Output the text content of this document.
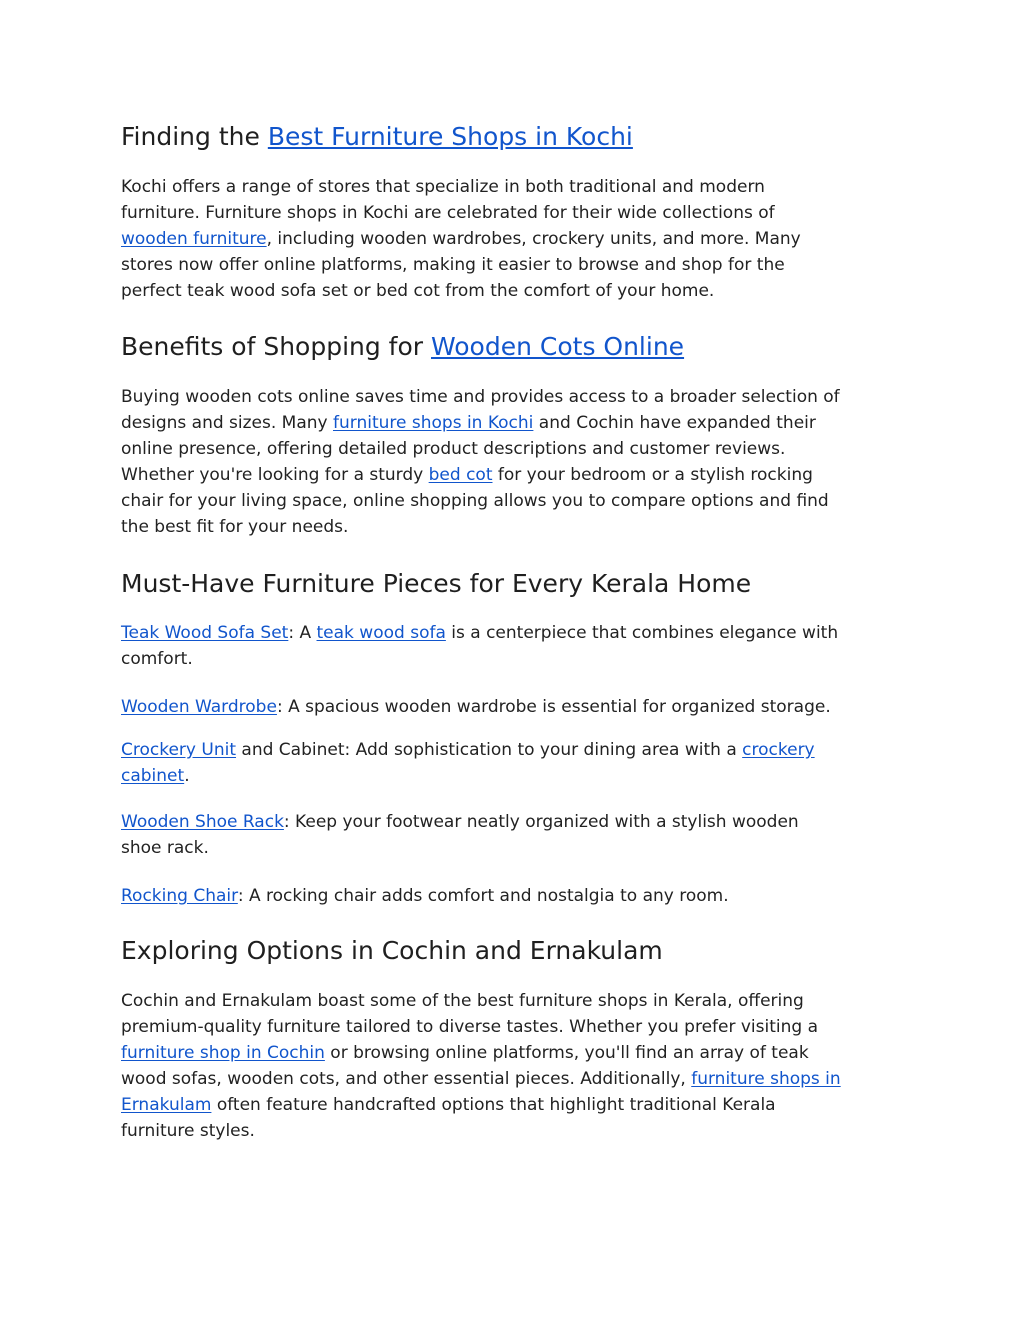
Finding the Best Furniture Shops in Kochi
Kochi offers a range of stores that specialize in both traditional and modern
furniture. Furniture shops in Kochi are celebrated for their wide collections of
wooden furniture, including wooden wardrobes, crockery units, and more. Many
stores now offer online platforms, making it easier to browse and shop for the
perfect teak wood sofa set or bed cot from the comfort of your home.
Benefits of Shopping for Wooden Cots Online
Buying wooden cots online saves time and provides access to a broader selection of
designs and sizes. Many furniture shops in Kochi and Cochin have expanded their
online presence, offering detailed product descriptions and customer reviews.
Whether you're looking for a sturdy bed cot for your bedroom or a stylish rocking
chair for your living space, online shopping allows you to compare options and find
the best fit for your needs.
Must-Have Furniture Pieces for Every Kerala Home
Teak Wood Sofa Set: A teak wood sofa is a centerpiece that combines elegance with
comfort.
Wooden Wardrobe: A spacious wooden wardrobe is essential for organized storage.
Crockery Unit and Cabinet: Add sophistication to your dining area with a crockery
cabinet.
Wooden Shoe Rack: Keep your footwear neatly organized with a stylish wooden
shoe rack.
Rocking Chair: A rocking chair adds comfort and nostalgia to any room.
Exploring Options in Cochin and Ernakulam
Cochin and Ernakulam boast some of the best furniture shops in Kerala, offering
premium-quality furniture tailored to diverse tastes. Whether you prefer visiting a
furniture shop in Cochin or browsing online platforms, you'll find an array of teak
wood sofas, wooden cots, and other essential pieces. Additionally, furniture shops in
Ernakulam often feature handcrafted options that highlight traditional Kerala
furniture styles.
